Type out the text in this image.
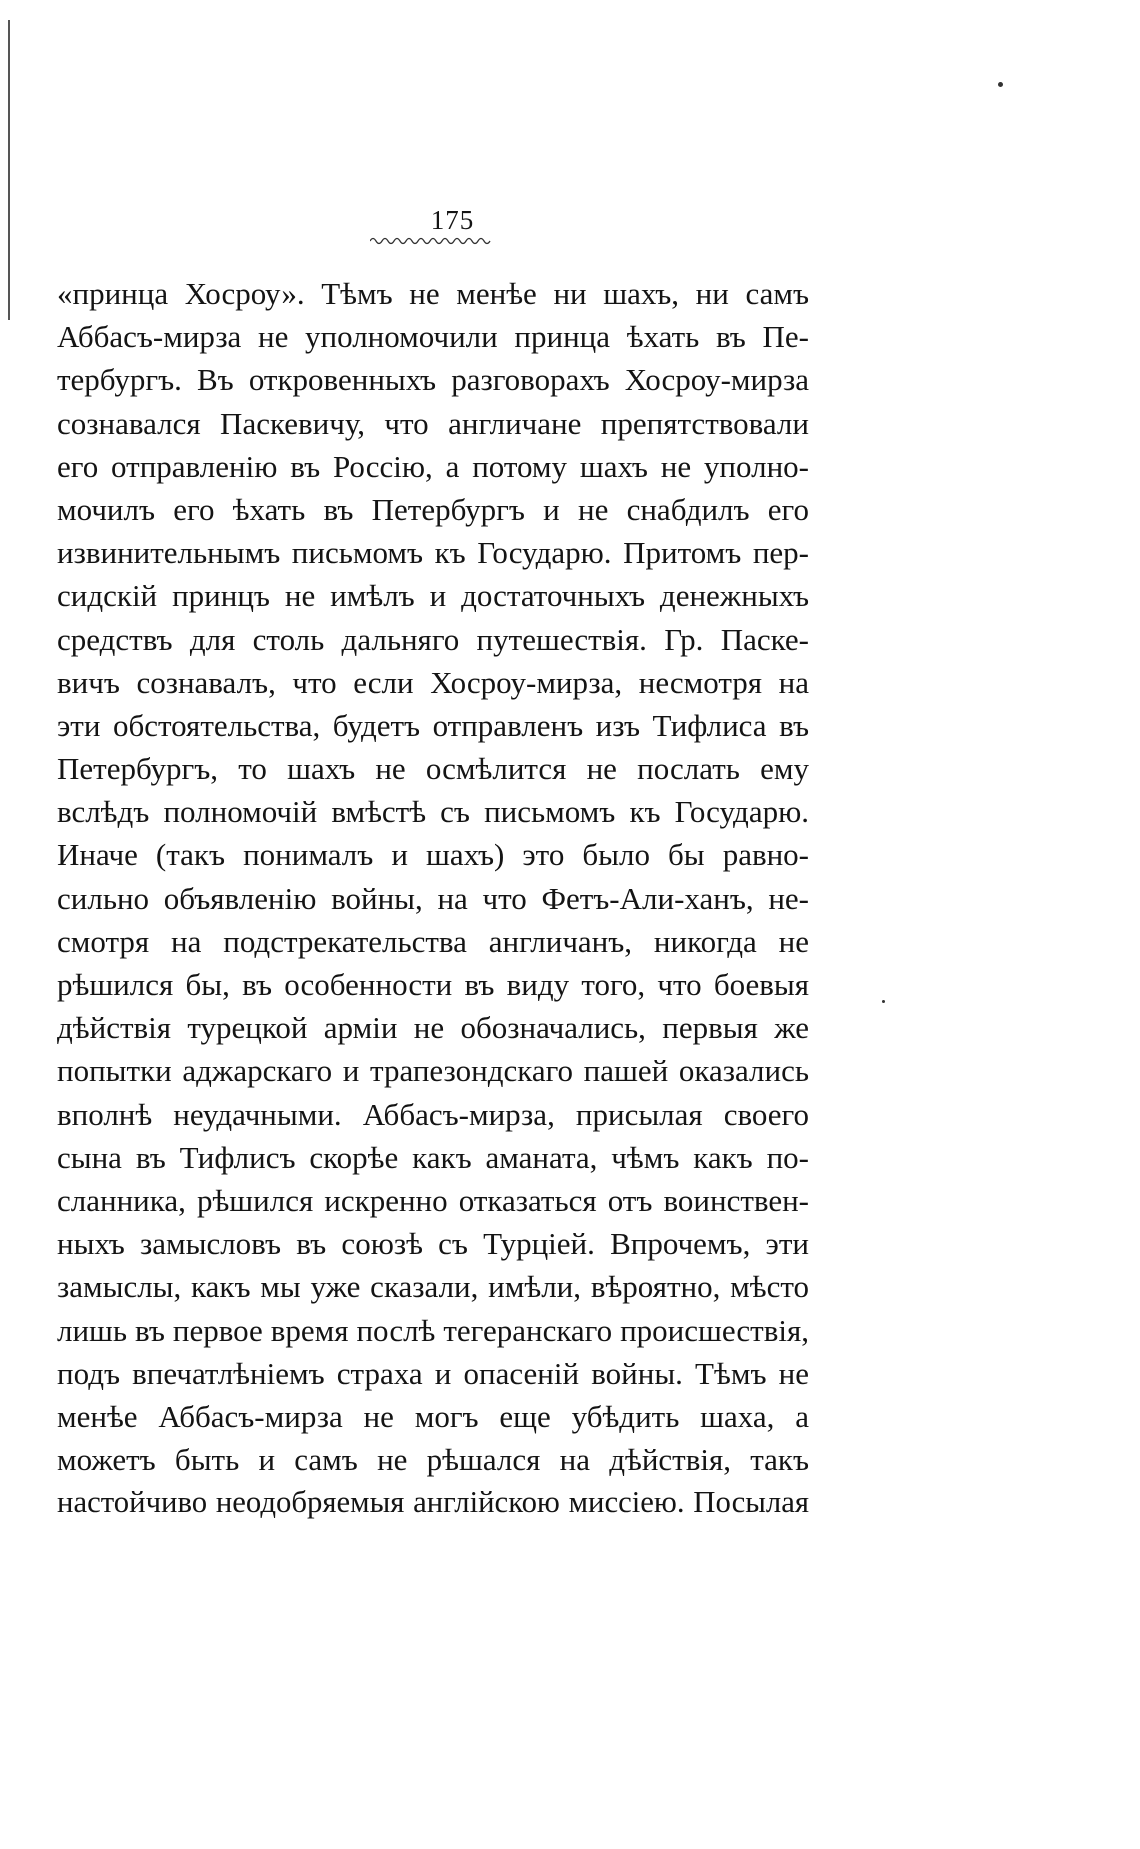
175
«принца Хосроу». Тѣмъ не менѣе ни шахъ, ни самъ
Аббасъ-мирза не уполномочили принца ѣхать въ Пе-
тербургъ. Въ откровенныхъ разговорахъ Хосроу-мирза
сознавался Паскевичу, что англичане препятствовали
его отправленію въ Россію, а потому шахъ не уполно-
мочилъ его ѣхать въ Петербургъ и не снабдилъ его
извинительнымъ письмомъ къ Государю. Притомъ пер-
сидскій принцъ не имѣлъ и достаточныхъ денежныхъ
средствъ для столь дальняго путешествія. Гр. Паске-
вичъ сознавалъ, что если Хосроу-мирза, несмотря на
эти обстоятельства, будетъ отправленъ изъ Тифлиса въ
Петербургъ, то шахъ не осмѣлится не послать ему
вслѣдъ полномочій вмѣстѣ съ письмомъ къ Государю.
Иначе (такъ понималъ и шахъ) это было бы равно-
сильно объявленію войны, на что Фетъ-Али-ханъ, не-
смотря на подстрекательства англичанъ, никогда не
рѣшился бы, въ особенности въ виду того, что боевыя
дѣйствія турецкой арміи не обозначались, первыя же
попытки аджарскаго и трапезондскаго пашей оказались
вполнѣ неудачными. Аббасъ-мирза, присылая своего
сына въ Тифлисъ скорѣе какъ аманата, чѣмъ какъ по-
сланника, рѣшился искренно отказаться отъ воинствен-
ныхъ замысловъ въ союзѣ съ Турціей. Впрочемъ, эти
замыслы, какъ мы уже сказали, имѣли, вѣроятно, мѣсто
лишь въ первое время послѣ тегеранскаго происшествія,
подъ впечатлѣніемъ страха и опасеній войны. Тѣмъ не
менѣе Аббасъ-мирза не могъ еще убѣдить шаха, а
можетъ быть и самъ не рѣшался на дѣйствія, такъ
настойчиво неодобряемыя англійскою миссіею. Посылая
